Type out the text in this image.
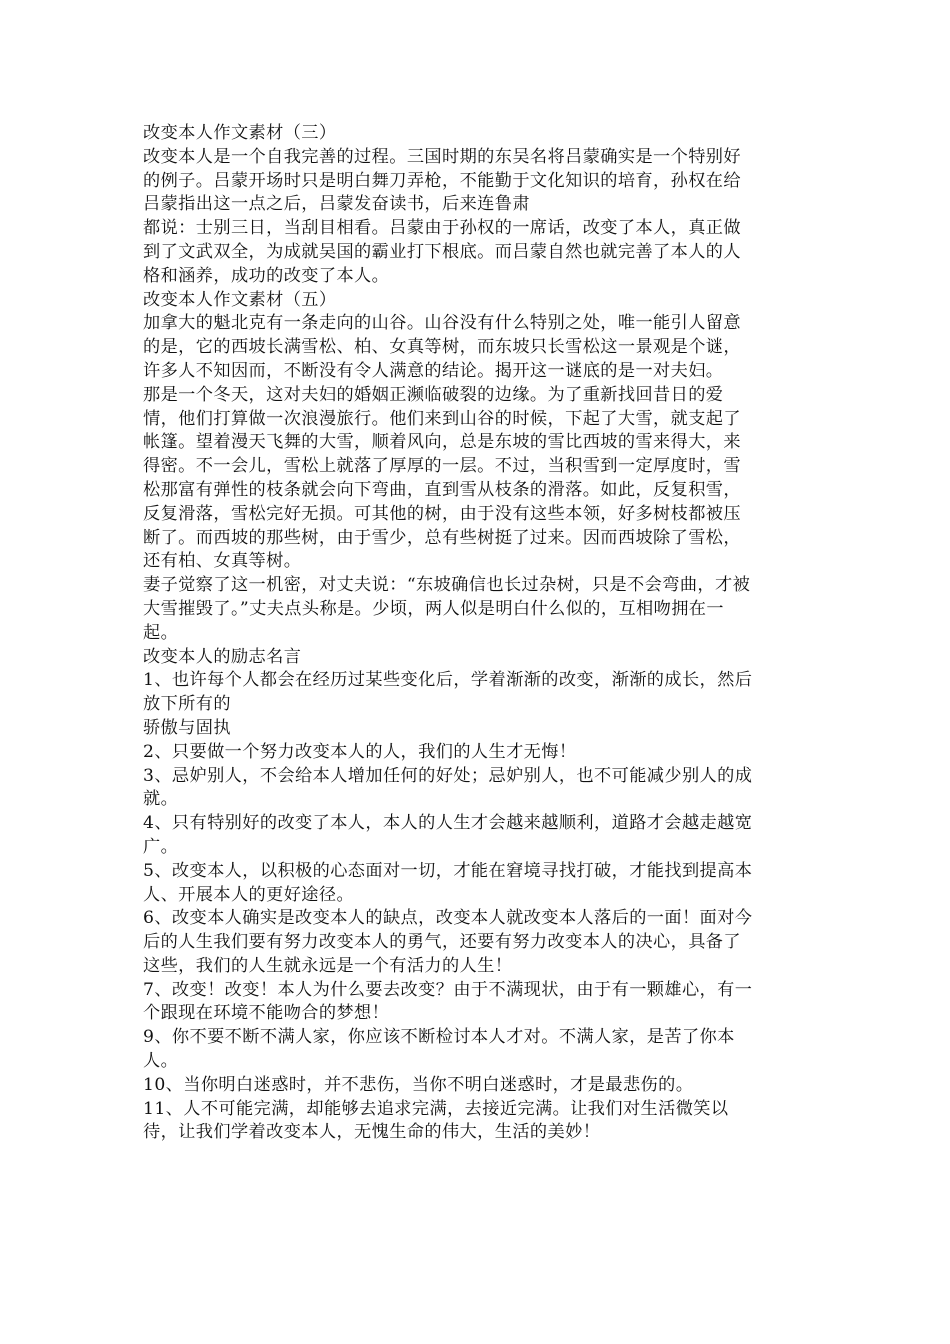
改变本人作文素材（三）
改变本人是一个自我完善的过程。三国时期的东吴名将吕蒙确实是一个特别好
的例子。吕蒙开场时只是明白舞刀弄枪，不能勤于文化知识的培育，孙权在给
吕蒙指出这一点之后，吕蒙发奋读书，后来连鲁肃
都说：士别三日，当刮目相看。吕蒙由于孙权的一席话，改变了本人，真正做
到了文武双全，为成就吴国的霸业打下根底。而吕蒙自然也就完善了本人的人
格和涵养，成功的改变了本人。
改变本人作文素材（五）
加拿大的魁北克有一条走向的山谷。山谷没有什么特别之处，唯一能引人留意
的是，它的西坡长满雪松、柏、女真等树，而东坡只长雪松这一景观是个谜，
许多人不知因而，不断没有令人满意的结论。揭开这一谜底的是一对夫妇。
那是一个冬天，这对夫妇的婚姻正濒临破裂的边缘。为了重新找回昔日的爱
情，他们打算做一次浪漫旅行。他们来到山谷的时候，下起了大雪，就支起了
帐篷。望着漫天飞舞的大雪，顺着风向，总是东坡的雪比西坡的雪来得大，来
得密。不一会儿，雪松上就落了厚厚的一层。不过，当积雪到一定厚度时，雪
松那富有弹性的枝条就会向下弯曲，直到雪从枝条的滑落。如此，反复积雪，
反复滑落，雪松完好无损。可其他的树，由于没有这些本领，好多树枝都被压
断了。而西坡的那些树，由于雪少，总有些树挺了过来。因而西坡除了雪松，
还有柏、女真等树。
妻子觉察了这一机密，对丈夫说：“东坡确信也长过杂树，只是不会弯曲，才被
大雪摧毁了。”丈夫点头称是。少顷，两人似是明白什么似的，互相吻拥在一
起。
改变本人的励志名言
1、也许每个人都会在经历过某些变化后，学着渐渐的改变，渐渐的成长，然后
放下所有的
骄傲与固执
2、只要做一个努力改变本人的人，我们的人生才无悔！
3、忌妒别人，不会给本人增加任何的好处；忌妒别人，也不可能减少别人的成
就。
4、只有特别好的改变了本人，本人的人生才会越来越顺利，道路才会越走越宽
广。
5、改变本人，以积极的心态面对一切，才能在窘境寻找打破，才能找到提高本
人、开展本人的更好途径。
6、改变本人确实是改变本人的缺点，改变本人就改变本人落后的一面！面对今
后的人生我们要有努力改变本人的勇气，还要有努力改变本人的决心，具备了
这些，我们的人生就永远是一个有活力的人生！
7、改变！改变！本人为什么要去改变？由于不满现状，由于有一颗雄心，有一
个跟现在环境不能吻合的梦想！
9、你不要不断不满人家，你应该不断检讨本人才对。不满人家，是苦了你本
人。
10、当你明白迷惑时，并不悲伤，当你不明白迷惑时，才是最悲伤的。
11、人不可能完满，却能够去追求完满，去接近完满。让我们对生活微笑以
待，让我们学着改变本人，无愧生命的伟大，生活的美妙！
